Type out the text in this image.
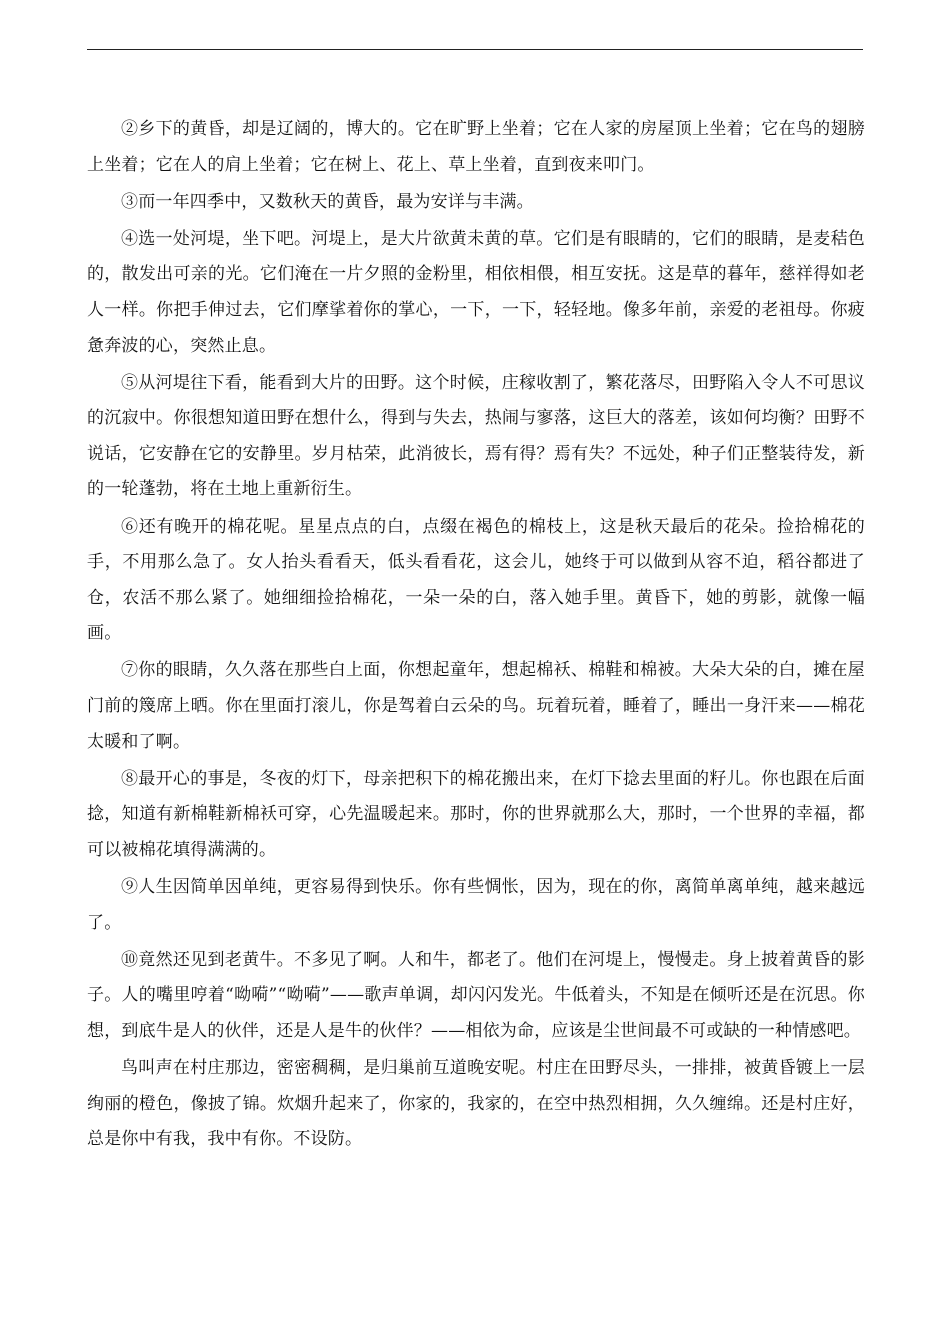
②乡下的黄昏，却是辽阔的，博大的。它在旷野上坐着；它在人家的房屋顶上坐着；它在鸟的翅膀上坐着；它在人的肩上坐着；它在树上、花上、草上坐着，直到夜来叩门。

③而一年四季中，又数秋天的黄昏，最为安详与丰满。

④选一处河堤，坐下吧。河堤上，是大片欲黄未黄的草。它们是有眼睛的，它们的眼睛，是麦秸色的，散发出可亲的光。它们淹在一片夕照的金粉里，相依相偎，相互安抚。这是草的暮年，慈祥得如老人一样。你把手伸过去，它们摩挲着你的掌心，一下，一下，轻轻地。像多年前，亲爱的老祖母。你疲惫奔波的心，突然止息。

⑤从河堤往下看，能看到大片的田野。这个时候，庄稼收割了，繁花落尽，田野陷入令人不可思议的沉寂中。你很想知道田野在想什么，得到与失去，热闹与寥落，这巨大的落差，该如何均衡？田野不说话，它安静在它的安静里。岁月枯荣，此消彼长，焉有得？焉有失？不远处，种子们正整装待发，新的一轮蓬勃，将在土地上重新衍生。

⑥还有晚开的棉花呢。星星点点的白，点缀在褐色的棉枝上，这是秋天最后的花朵。捡拾棉花的手，不用那么急了。女人抬头看看天，低头看看花，这会儿，她终于可以做到从容不迫，稻谷都进了仓，农活不那么紧了。她细细捡拾棉花，一朵一朵的白，落入她手里。黄昏下，她的剪影，就像一幅画。

⑦你的眼睛，久久落在那些白上面，你想起童年，想起棉袄、棉鞋和棉被。大朵大朵的白，摊在屋门前的篾席上晒。你在里面打滚儿，你是驾着白云朵的鸟。玩着玩着，睡着了，睡出一身汗来——棉花太暖和了啊。

⑧最开心的事是，冬夜的灯下，母亲把积下的棉花搬出来，在灯下捻去里面的籽儿。你也跟在后面捻，知道有新棉鞋新棉袄可穿，心先温暖起来。那时，你的世界就那么大，那时，一个世界的幸福，都可以被棉花填得满满的。

⑨人生因简单因单纯，更容易得到快乐。你有些惆怅，因为，现在的你，离简单离单纯，越来越远了。

⑩竟然还见到老黄牛。不多见了啊。人和牛，都老了。他们在河堤上，慢慢走。身上披着黄昏的影子。人的嘴里哼着“呦嗬”“呦嗬”——歌声单调，却闪闪发光。牛低着头，不知是在倾听还是在沉思。你想，到底牛是人的伙伴，还是人是牛的伙伴？——相依为命，应该是尘世间最不可或缺的一种情感吧。

鸟叫声在村庄那边，密密稠稠，是归巢前互道晚安呢。村庄在田野尽头，一排排，被黄昏镀上一层绚丽的橙色，像披了锦。炊烟升起来了，你家的，我家的，在空中热烈相拥，久久缠绵。还是村庄好，总是你中有我，我中有你。不设防。
